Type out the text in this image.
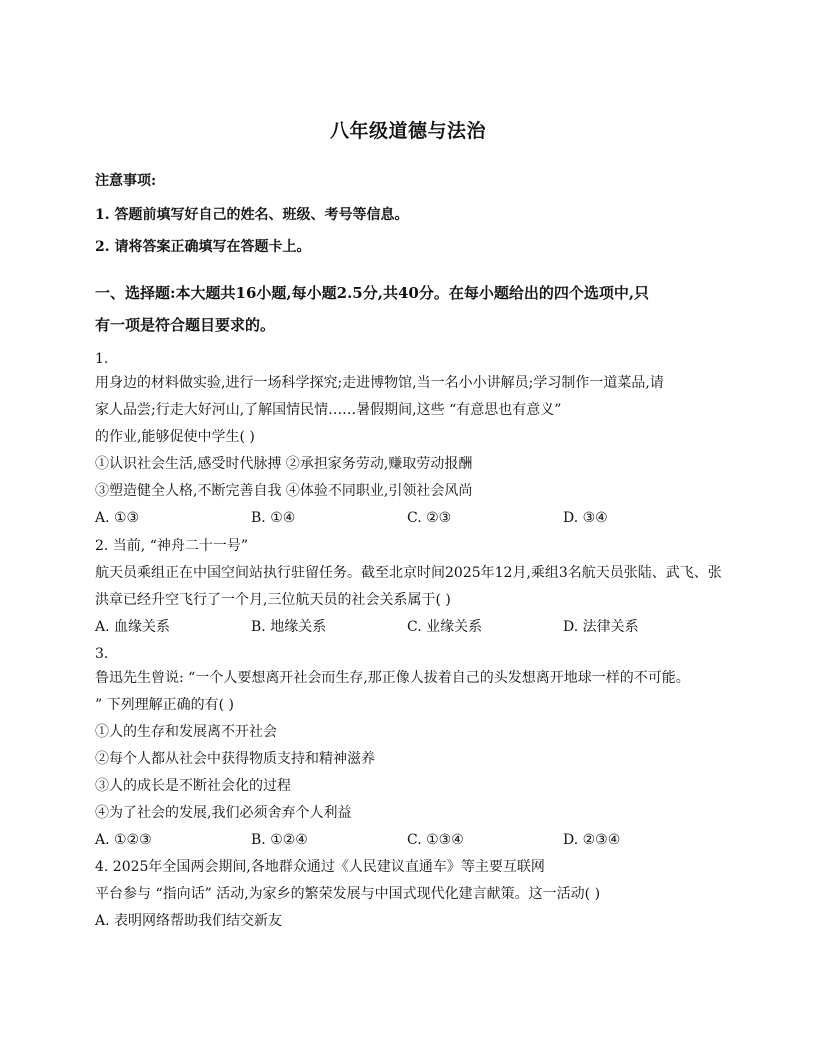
八年级道德与法治
注意事项:
1. 答题前填写好自己的姓名、班级、考号等信息。
2. 请将答案正确填写在答题卡上。
一、选择题:本大题共16小题,每小题2.5分,共40分。在每小题给出的四个选项中,只
有一项是符合题目要求的。
1.
用身边的材料做实验,进行一场科学探究;走进博物馆,当一名小小讲解员;学习制作一道菜品,请
家人品尝;行走大好河山,了解国情民情……暑假期间,这些 “有意思也有意义”
的作业,能够促使中学生( )
①认识社会生活,感受时代脉搏 ②承担家务劳动,赚取劳动报酬
③塑造健全人格,不断完善自我 ④体验不同职业,引领社会风尚
A. ①③	B. ①④	C. ②③	D. ③④
2. 当前, “神舟二十一号”
航天员乘组正在中国空间站执行驻留任务。截至北京时间2025年12月,乘组3名航天员张陆、武飞、张
洪章已经升空飞行了一个月,三位航天员的社会关系属于( )
A. 血缘关系	B. 地缘关系	C. 业缘关系	D. 法律关系
3.
鲁迅先生曾说: “一个人要想离开社会而生存,那正像人拔着自己的头发想离开地球一样的不可能。
” 下列理解正确的有( )
①人的生存和发展离不开社会
②每个人都从社会中获得物质支持和精神滋养
③人的成长是不断社会化的过程
④为了社会的发展,我们必须舍弃个人利益
A. ①②③	B. ①②④	C. ①③④	D. ②③④
4. 2025年全国两会期间,各地群众通过《人民建议直通车》等主要互联网
平台参与 “指向话” 活动,为家乡的繁荣发展与中国式现代化建言献策。这一活动( )
A. 表明网络帮助我们结交新友
